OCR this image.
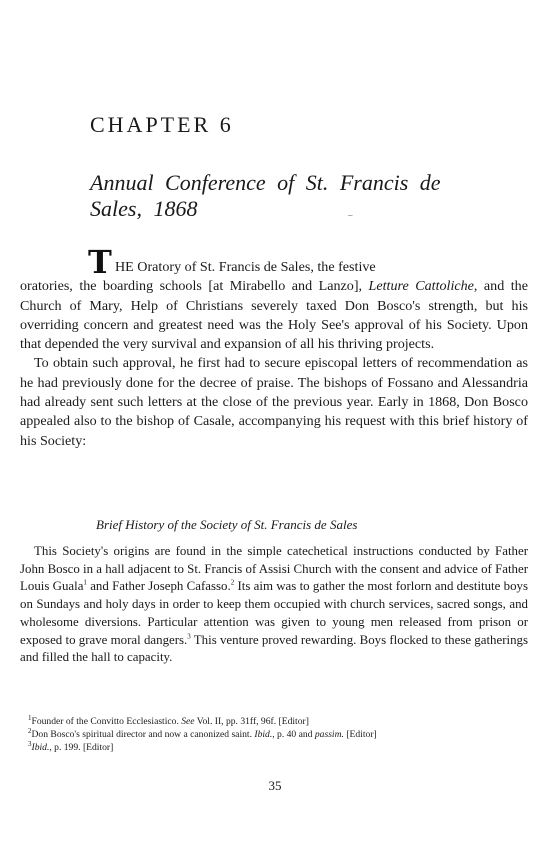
CHAPTER 6
Annual Conference of St. Francis de Sales, 1868	–

T HE Oratory of St. Francis de Sales, the festive

oratories, the boarding schools [at Mirabello and Lanzo], Letture Cattoliche, and the Church of Mary, Help of Christians severely taxed Don Bosco's strength, but his overriding concern and greatest need was the Holy See's approval of his Society. Upon that depended the very survival and expansion of all his thriving projects.

To obtain such approval, he first had to secure episcopal letters of recommendation as he had previously done for the decree of praise. The bishops of Fossano and Alessandria had already sent such letters at the close of the previous year. Early in 1868, Don Bosco appealed also to the bishop of Casale, accompanying his request with this brief history of his Society:

Brief History of the Society of St. Francis de Sales

This Society's origins are found in the simple catechetical instructions conducted by Father John Bosco in a hall adjacent to St. Francis of Assisi Church with the consent and advice of Father Louis Guala$^1$ and Father Joseph Cafasso.$^2$ Its aim was to gather the most forlorn and destitute boys on Sundays and holy days in order to keep them occupied with church services, sacred songs, and wholesome diversions. Particular attention was given to young men released from prison or exposed to grave moral dangers.$^3$ This venture proved rewarding. Boys flocked to these gatherings and filled the hall to capacity.

$^1$Founder of the Convitto Ecclesiastico. See Vol. II, pp. 31ff, 96f. [Editor]

$^2$Don Bosco's spiritual director and now a canonized saint. Ibid., p. 40 and passim. [Editor]

$^3$Ibid., p. 199. [Editor]

35
